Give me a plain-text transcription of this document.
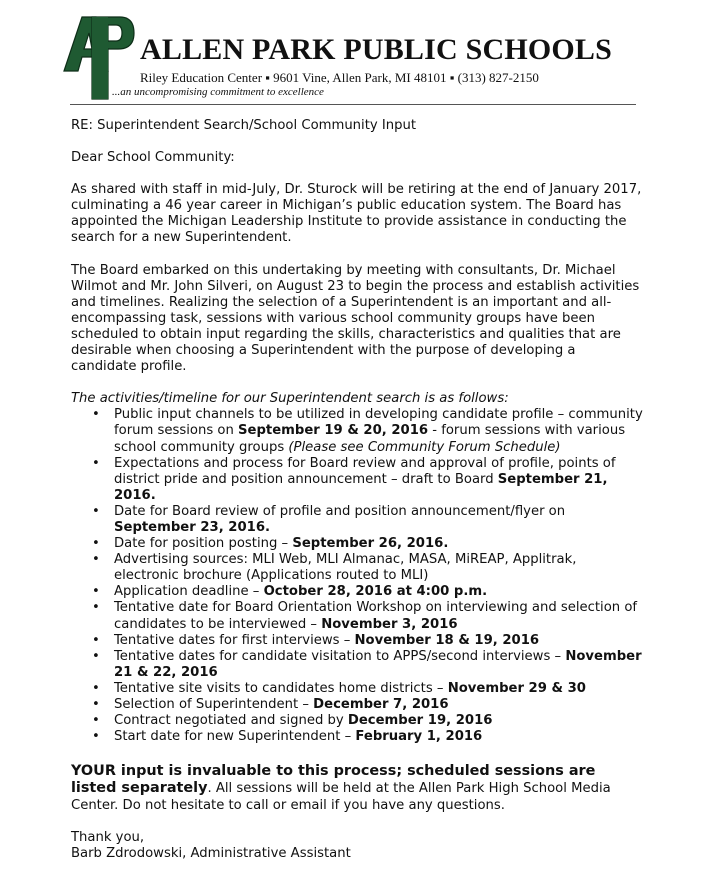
ALLEN PARK PUBLIC SCHOOLS
Riley Education Center ▪ 9601 Vine, Allen Park, MI 48101 ▪ (313) 827-2150
...an uncompromising commitment to excellence

RE: Superintendent Search/School Community Input

Dear School Community:

As shared with staff in mid-July, Dr. Sturock will be retiring at the end of January 2017, culminating a 46 year career in Michigan’s public education system. The Board has appointed the Michigan Leadership Institute to provide assistance in conducting the search for a new Superintendent.

The Board embarked on this undertaking by meeting with consultants, Dr. Michael Wilmot and Mr. John Silveri, on August 23 to begin the process and establish activities and timelines. Realizing the selection of a Superintendent is an important and all-encompassing task, sessions with various school community groups have been scheduled to obtain input regarding the skills, characteristics and qualities that are desirable when choosing a Superintendent with the purpose of developing a candidate profile.

The activities/timeline for our Superintendent search is as follows:

• Public input channels to be utilized in developing candidate profile – community forum sessions on September 19 & 20, 2016 - forum sessions with various school community groups (Please see Community Forum Schedule)
• Expectations and process for Board review and approval of profile, points of district pride and position announcement – draft to Board September 21, 2016.
• Date for Board review of profile and position announcement/flyer on September 23, 2016.
• Date for position posting – September 26, 2016.
• Advertising sources: MLI Web, MLI Almanac, MASA, MiREAP, Applitrak, electronic brochure (Applications routed to MLI)
• Application deadline – October 28, 2016 at 4:00 p.m.
• Tentative date for Board Orientation Workshop on interviewing and selection of candidates to be interviewed – November 3, 2016
• Tentative dates for first interviews – November 18 & 19, 2016
• Tentative dates for candidate visitation to APPS/second interviews – November 21 & 22, 2016
• Tentative site visits to candidates home districts – November 29 & 30
• Selection of Superintendent – December 7, 2016
• Contract negotiated and signed by December 19, 2016
• Start date for new Superintendent – February 1, 2016

YOUR input is invaluable to this process; scheduled sessions are listed separately. All sessions will be held at the Allen Park High School Media Center. Do not hesitate to call or email if you have any questions.

Thank you,

Barb Zdrodowski, Administrative Assistant
